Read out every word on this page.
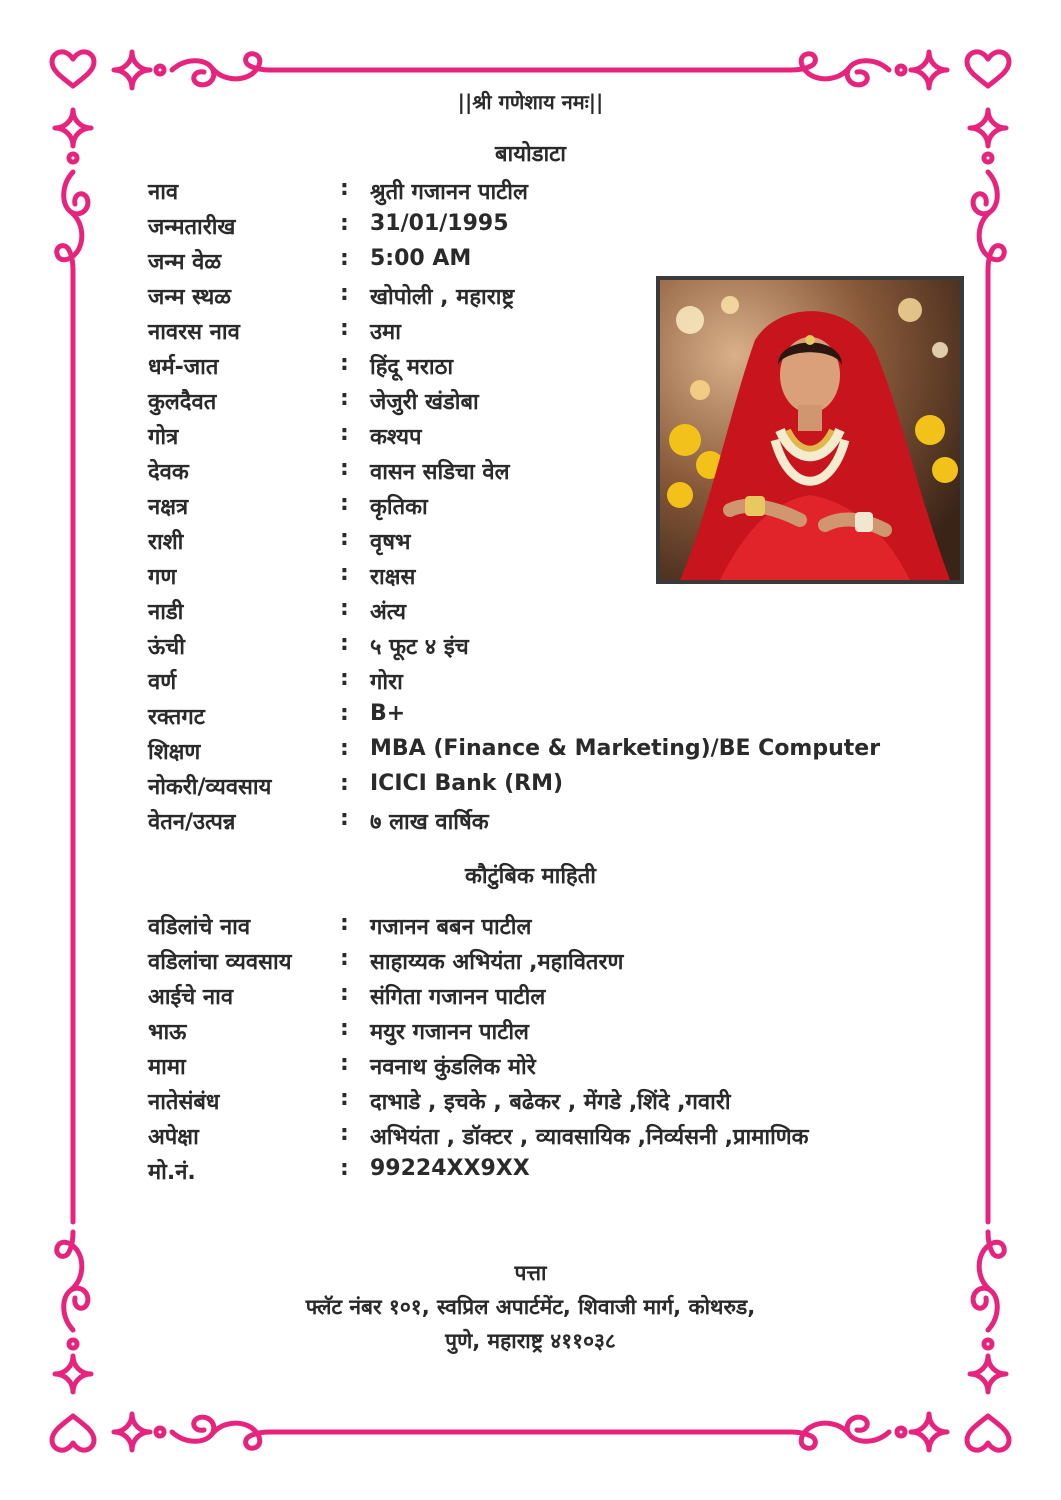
||श्री गणेशाय नमः||
बायोडाटा
नाव	: श्रुती गजानन पाटील
जन्मतारीख	: 31/01/1995
जन्म वेळ	: 5:00 AM
जन्म स्थळ	: खोपोली , महाराष्ट्र
नावरस नाव	: उमा
धर्म-जात	: हिंदू मराठा
कुलदैवत	: जेजुरी खंडोबा
गोत्र	: कश्यप
देवक	: वासन सडिचा वेल
नक्षत्र	: कृतिका
राशी	: वृषभ
गण	: राक्षस
नाडी	: अंत्य
ऊंची	: ५ फूट ४ इंच
वर्ण	: गोरा
रक्तगट	: B+
शिक्षण	: MBA (Finance & Marketing)/BE Computer
नोकरी/व्यवसाय	: ICICI Bank (RM)
वेतन/उत्पन्न	: ७ लाख वार्षिक
कौटुंबिक माहिती
वडिलांचे नाव	: गजानन बबन पाटील
वडिलांचा व्यवसाय : साहाय्यक अभियंता ,महावितरण
आईचे नाव	: संगिता गजानन पाटील
भाऊ	: मयुर गजानन पाटील
मामा	: नवनाथ कुंडलिक मोरे
नातेसंबंध	: दाभाडे , इचके , बढेकर , मेंगडे ,शिंदे ,गवारी
अपेक्षा	: अभियंता , डॉक्टर , व्यावसायिक ,निर्व्यसनी ,प्रामाणिक
मो.नं.	: 99224XX9XX
पत्ता
फ्लॅट नंबर १०१, स्वप्रिल अपार्टमेंट, शिवाजी मार्ग, कोथरुड,
पुणे, महाराष्ट्र ४११०३८
